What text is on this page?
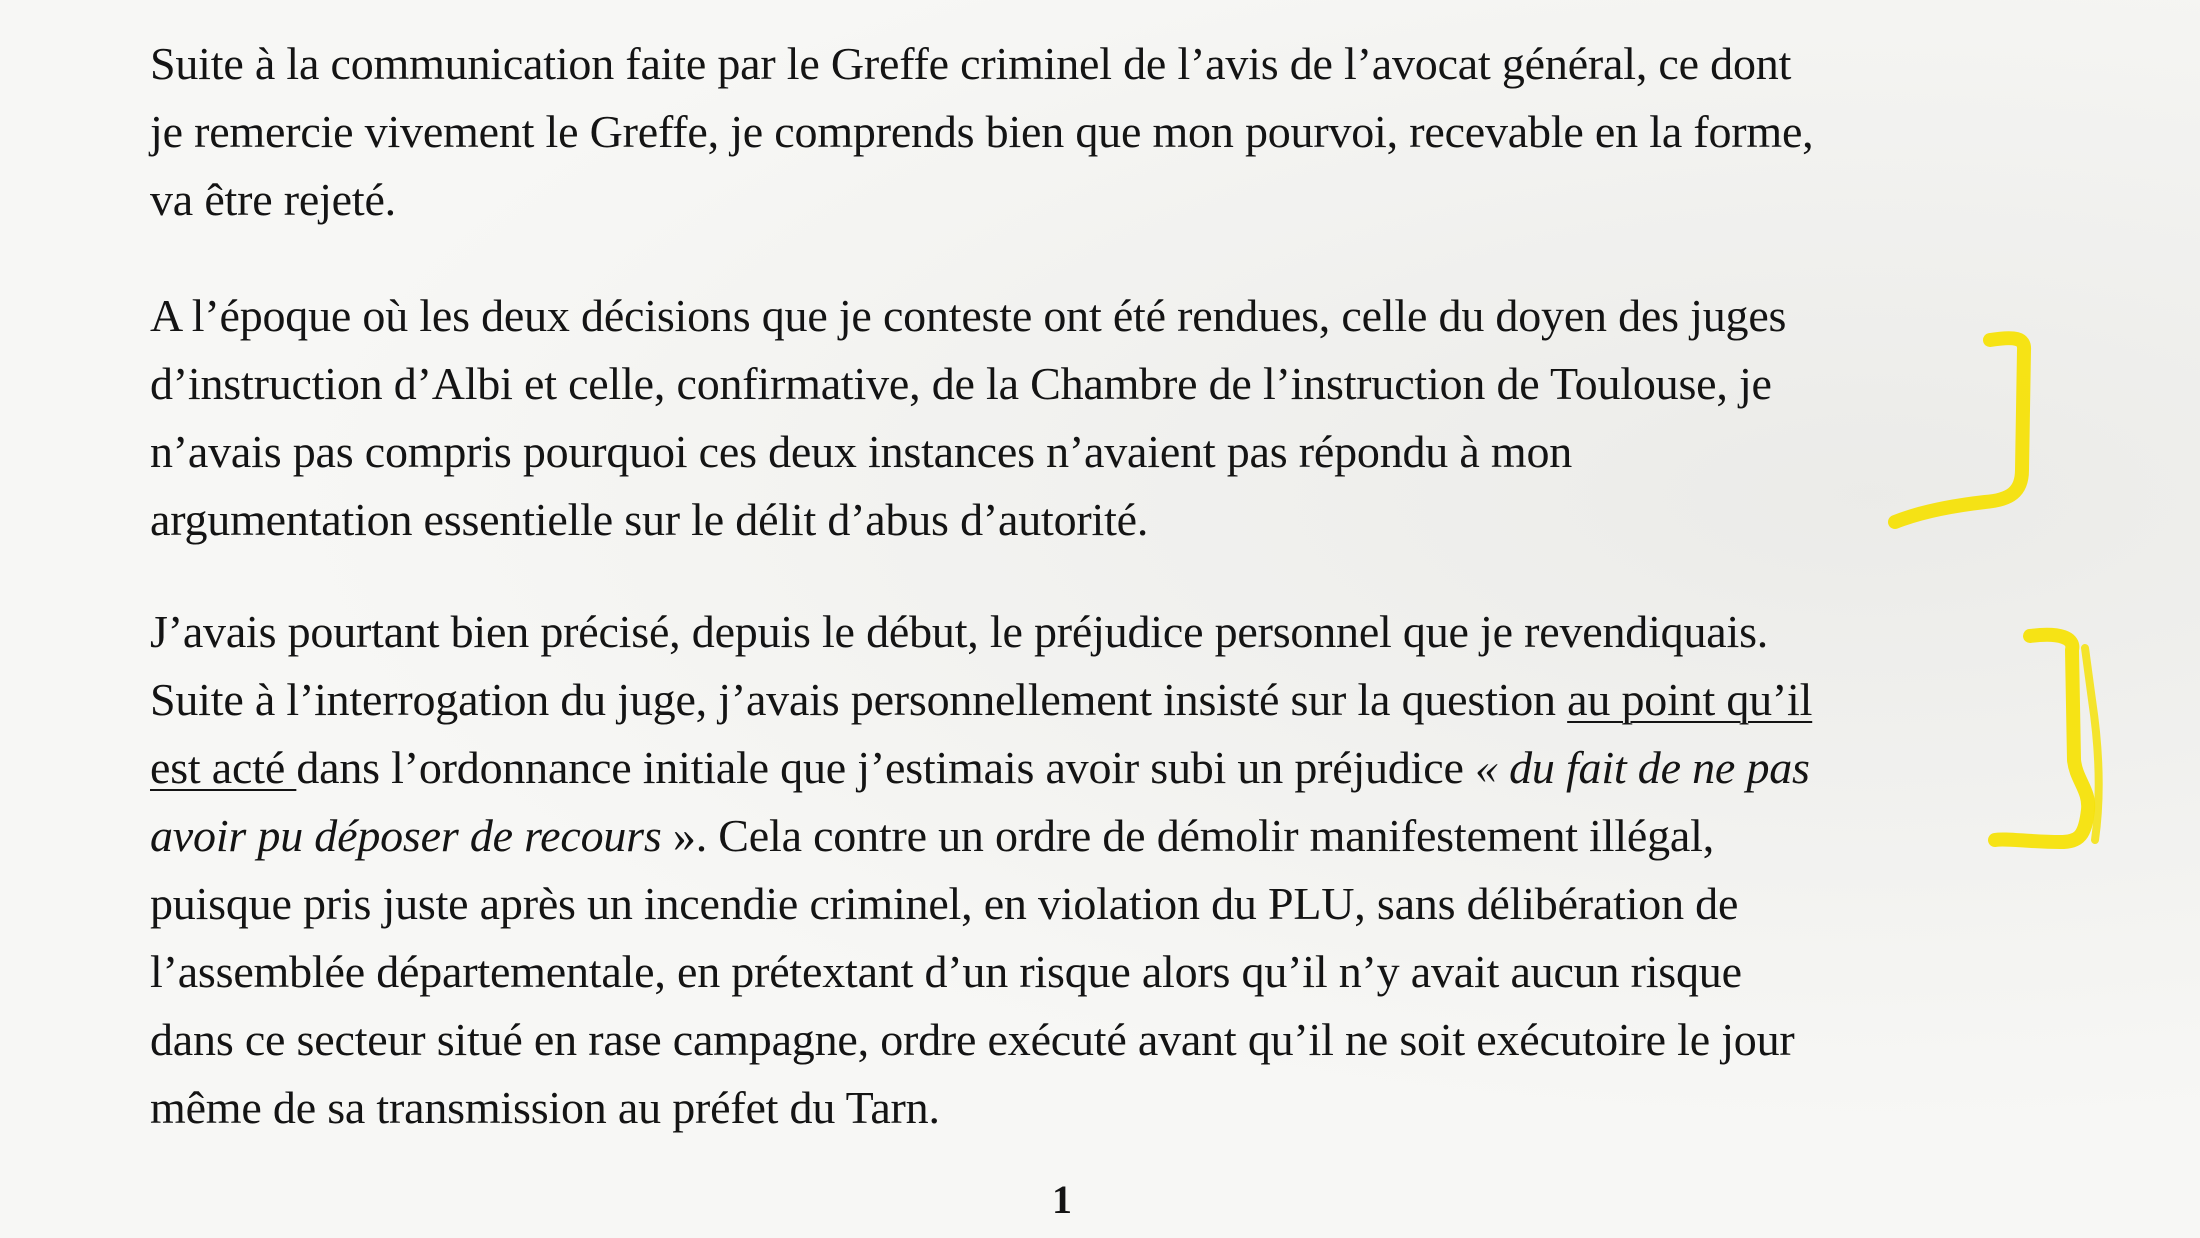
Suite à la communication faite par le Greffe criminel de l’avis de l’avocat général, ce dont
je remercie vivement le Greffe, je comprends bien que mon pourvoi, recevable en la forme,
va être rejeté.
A l’époque où les deux décisions que je conteste ont été rendues, celle du doyen des juges
d’instruction d’Albi et celle, confirmative, de la Chambre de l’instruction de Toulouse, je
n’avais pas compris pourquoi ces deux instances n’avaient pas répondu à mon
argumentation essentielle sur le délit d’abus d’autorité.
J’avais pourtant bien précisé, depuis le début, le préjudice personnel que je revendiquais.
Suite à l’interrogation du juge, j’avais personnellement insisté sur la question au point qu’il
est acté dans l’ordonnance initiale que j’estimais avoir subi un préjudice « du fait de ne pas
avoir pu déposer de recours ». Cela contre un ordre de démolir manifestement illégal,
puisque pris juste après un incendie criminel, en violation du PLU, sans délibération de
l’assemblée départementale, en prétextant d’un risque alors qu’il n’y avait aucun risque
dans ce secteur situé en rase campagne, ordre exécuté avant qu’il ne soit exécutoire le jour
même de sa transmission au préfet du Tarn.
1
